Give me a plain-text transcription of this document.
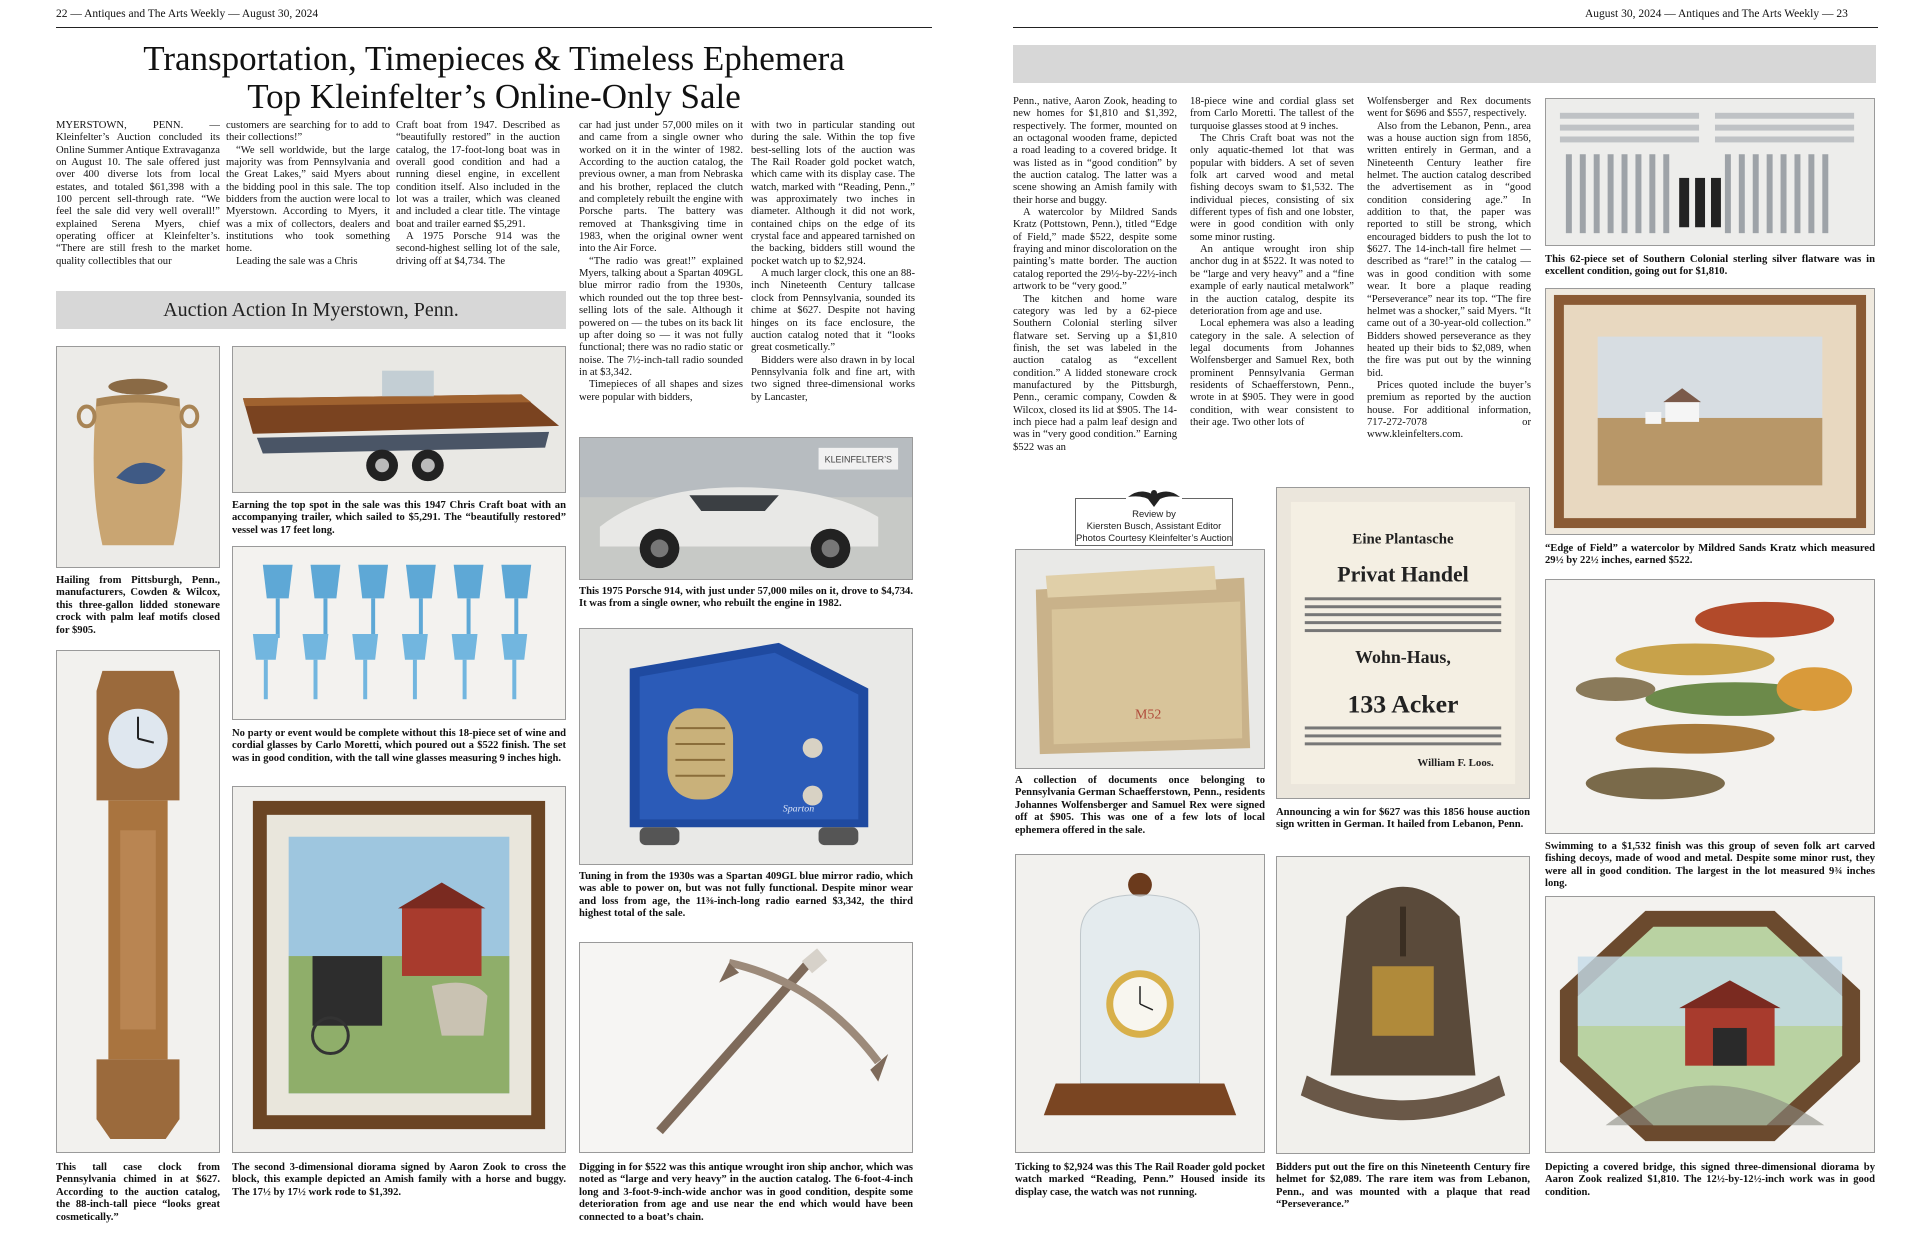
22 — Antiques and The Arts Weekly — August 30, 2024
Transportation, Timepieces & Timeless Ephemera
Top Kleinfelter’s Online-Only Sale

MYERSTOWN, PENN. — Kleinfelter’s Auction concluded its Online Summer Antique Extravaganza on August 10. The sale offered just over 400 diverse lots from local estates, and totaled $61,398 with a 100 percent sell-through rate. “We feel the sale did very well overall!” explained Serena Myers, chief operating officer at Kleinfelter’s. “There are still fresh to the market quality collectibles that our

customers are searching for to add to their collections!”

“We sell worldwide, but the large majority was from Pennsylvania and the Great Lakes,” said Myers about the bidding pool in this sale. The top bidders from the auction were local to Myerstown. According to Myers, it was a mix of collectors, dealers and institutions who took something home.

Leading the sale was a Chris

Craft boat from 1947. Described as “beautifully restored” in the auction catalog, the 17-foot-long boat was in overall good condition and had a running diesel engine, in excellent condition itself. Also included in the lot was a trailer, which was cleaned and included a clear title. The vintage boat and trailer earned $5,291.

A 1975 Porsche 914 was the second-highest selling lot of the sale, driving off at $4,734. The

car had just under 57,000 miles on it and came from a single owner who worked on it in the winter of 1982. According to the auction catalog, the previous owner, a man from Nebraska and his brother, replaced the clutch and completely rebuilt the engine with Porsche parts. The battery was removed at Thanksgiving time in 1983, when the original owner went into the Air Force.

“The radio was great!” explained Myers, talking about a Spartan 409GL blue mirror radio from the 1930s, which rounded out the top three best-selling lots of the sale. Although it powered on — the tubes on its back lit up after doing so — it was not fully functional; there was no radio static or noise. The 7½-inch-tall radio sounded in at $3,342.

Timepieces of all shapes and sizes were popular with bidders,

with two in particular standing out during the sale. Within the top five best-selling lots of the auction was The Rail Roader gold pocket watch, which came with its display case. The watch, marked with “Reading, Penn.,” was approximately two inches in diameter. Although it did not work, contained chips on the edge of its crystal face and appeared tarnished on the backing, bidders still wound the pocket watch up to $2,924.

A much larger clock, this one an 88-inch Nineteenth Century tallcase clock from Pennsylvania, sounded its chime at $627. Despite not having hinges on its face enclosure, the auction catalog noted that it “looks great cosmetically.”

Bidders were also drawn in by local Pennsylvania folk and fine art, with two signed three-dimensional works by Lancaster,

Auction Action In Myerstown, Penn.
Hailing from Pittsburgh, Penn., manufacturers, Cowden & Wilcox, this three-gallon lidded stoneware crock with palm leaf motifs closed for $905.
Earning the top spot in the sale was this 1947 Chris Craft boat with an accompanying trailer, which sailed to $5,291. The “beautifully restored” vessel was 17 feet long.
KLEINFELTER’S
This 1975 Porsche 914, with just under 57,000 miles on it, drove to $4,734. It was from a single owner, who rebuilt the engine in 1982.
No party or event would be complete without this 18-piece set of wine and cordial glasses by Carlo Moretti, which poured out a $522 finish. The set was in good condition, with the tall wine glasses measuring 9 inches high.
Sparton
Tuning in from the 1930s was a Spartan 409GL blue mirror radio, which was able to power on, but was not fully functional. Despite minor wear and loss from age, the 11⅜-inch-long radio earned $3,342, the third highest total of the sale.
This tall case clock from Pennsylvania chimed in at $627. According to the auction catalog, the 88-inch-tall piece “looks great cosmetically.”
The second 3-dimensional diorama signed by Aaron Zook to cross the block, this example depicted an Amish family with a horse and buggy. The 17½ by 17½ work rode to $1,392.
Digging in for $522 was this antique wrought iron ship anchor, which was noted as “large and very heavy” in the auction catalog. The 6-foot-4-inch long and 3-foot-9-inch-wide anchor was in good condition, despite some deterioration from age and use near the end which would have been connected to a boat’s chain.
August 30, 2024 — Antiques and The Arts Weekly — 23

Penn., native, Aaron Zook, heading to new homes for $1,810 and $1,392, respectively. The former, mounted on an octagonal wooden frame, depicted a road leading to a covered bridge. It was listed as in “good condition” by the auction catalog. The latter was a scene showing an Amish family with their horse and buggy.

A watercolor by Mildred Sands Kratz (Pottstown, Penn.), titled “Edge of Field,” made $522, despite some fraying and minor discoloration on the painting’s matte border. The auction catalog reported the 29½-by-22½-inch artwork to be “very good.”

The kitchen and home ware category was led by a 62-piece Southern Colonial sterling silver flatware set. Serving up a $1,810 finish, the set was labeled in the auction catalog as “excellent condition.” A lidded stoneware crock manufactured by the Pittsburgh, Penn., ceramic company, Cowden & Wilcox, closed its lid at $905. The 14-inch piece had a palm leaf design and was in “very good condition.” Earning $522 was an

18-piece wine and cordial glass set from Carlo Moretti. The tallest of the turquoise glasses stood at 9 inches.

The Chris Craft boat was not the only aquatic-themed lot that was popular with bidders. A set of seven folk art carved wood and metal fishing decoys swam to $1,532. The individual pieces, consisting of six different types of fish and one lobster, were in good condition with only some minor rusting.

An antique wrought iron ship anchor dug in at $522. It was noted to be “large and very heavy” and a “fine example of early nautical metalwork” in the auction catalog, despite its deterioration from age and use.

Local ephemera was also a leading category in the sale. A selection of legal documents from Johannes Wolfensberger and Samuel Rex, both prominent Pennsylvania German residents of Schaefferstown, Penn., wrote in at $905. They were in good condition, with wear consistent to their age. Two other lots of

Wolfensberger and Rex documents went for $696 and $557, respectively.

Also from the Lebanon, Penn., area was a house auction sign from 1856, written entirely in German, and a Nineteenth Century leather fire helmet. The auction catalog described the advertisement as in “good condition considering age.” In addition to that, the paper was reported to still be strong, which encouraged bidders to push the lot to $627. The 14-inch-tall fire helmet — described as “rare!” in the catalog — was in good condition with some wear. It bore a plaque reading “Perseverance” near its top. “The fire helmet was a shocker,” said Myers. “It came out of a 30-year-old collection.” Bidders showed perseverance as they heated up their bids to $2,089, when the fire was put out by the winning bid.

Prices quoted include the buyer’s premium as reported by the auction house. For additional information, 717-272-7078 or www.kleinfelters.com.

Review by
Kiersten Busch, Assistant Editor
Photos Courtesy Kleinfelter’s Auction
This 62-piece set of Southern Colonial sterling silver flatware was in excellent condition, going out for $1,810.
“Edge of Field” a watercolor by Mildred Sands Kratz which measured 29½ by 22½ inches, earned $522.
Swimming to a $1,532 finish was this group of seven folk art carved fishing decoys, made of wood and metal. Despite some minor rust, they were all in good condition. The largest in the lot measured 9¾ inches long.
M52
A collection of documents once belonging to Pennsylvania German Schaefferstown, Penn., residents Johannes Wolfensberger and Samuel Rex were signed off at $905. This was one of a few lots of local ephemera offered in the sale.
Eine Plantasche
Privat Handel
Wohn-Haus,
133 Acker
William F. Loos.
Announcing a win for $627 was this 1856 house auction sign written in German. It hailed from Lebanon, Penn.
Ticking to $2,924 was this The Rail Roader gold pocket watch marked “Reading, Penn.” Housed inside its display case, the watch was not running.
Bidders put out the fire on this Nineteenth Century fire helmet for $2,089. The rare item was from Lebanon, Penn., and was mounted with a plaque that read “Perseverance.”
Depicting a covered bridge, this signed three-dimensional diorama by Aaron Zook realized $1,810. The 12½-by-12½-inch work was in good condition.
